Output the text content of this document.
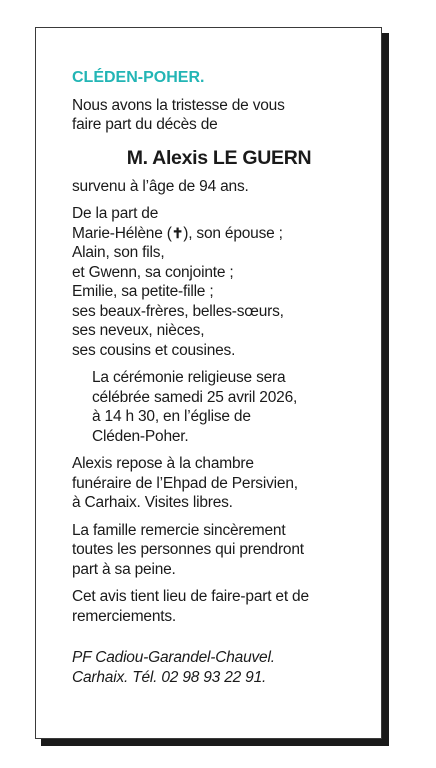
CLÉDEN-POHER.
Nous avons la tristesse de vous
faire part du décès de
M. Alexis LE GUERN
survenu à l’âge de 94 ans.
De la part de
Marie-Hélène (✝), son épouse ;
Alain, son fils,
et Gwenn, sa conjointe ;
Emilie, sa petite-fille ;
ses beaux-frères, belles-sœurs,
ses neveux, nièces,
ses cousins et cousines.
La cérémonie religieuse sera
célébrée samedi 25 avril 2026,
à 14 h 30, en l’église de
Cléden-Poher.
Alexis repose à la chambre
funéraire de l’Ehpad de Persivien,
à Carhaix. Visites libres.
La famille remercie sincèrement
toutes les personnes qui prendront
part à sa peine.
Cet avis tient lieu de faire-part et de
remerciements.
PF Cadiou-Garandel-Chauvel.
Carhaix. Tél. 02 98 93 22 91.
